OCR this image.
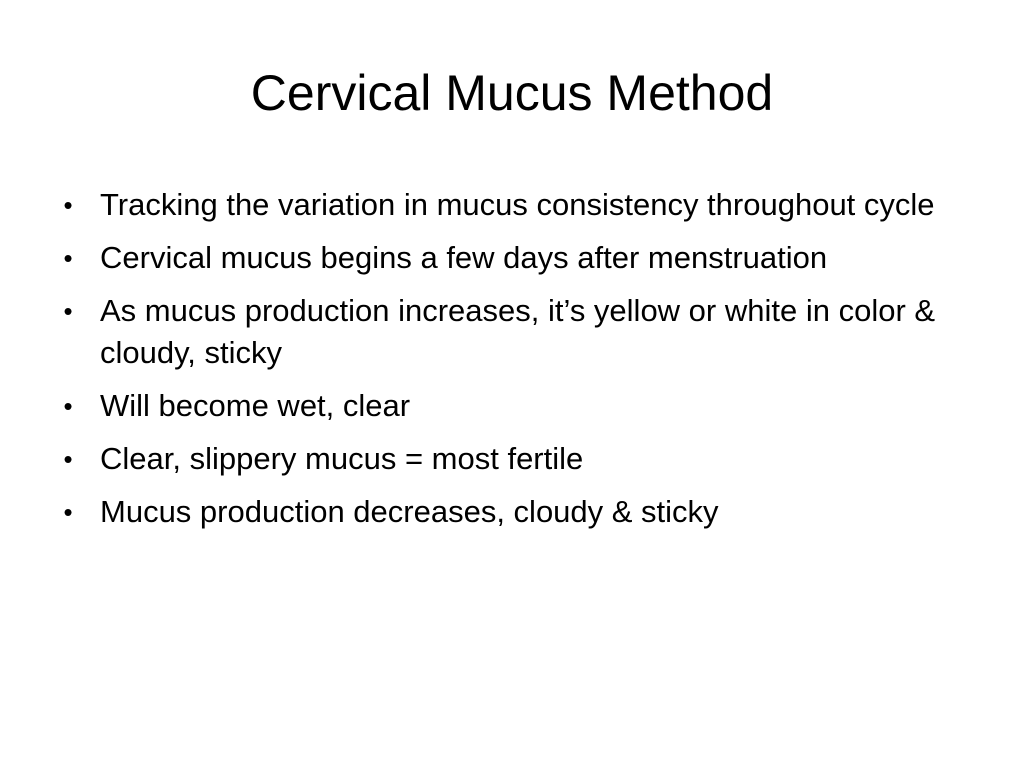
Cervical Mucus Method
• Tracking the variation in mucus consistency throughout cycle
• Cervical mucus begins a few days after menstruation
• As mucus production increases, it’s yellow or white in color & cloudy, sticky
• Will become wet, clear
• Clear, slippery mucus = most fertile
• Mucus production decreases, cloudy & sticky
